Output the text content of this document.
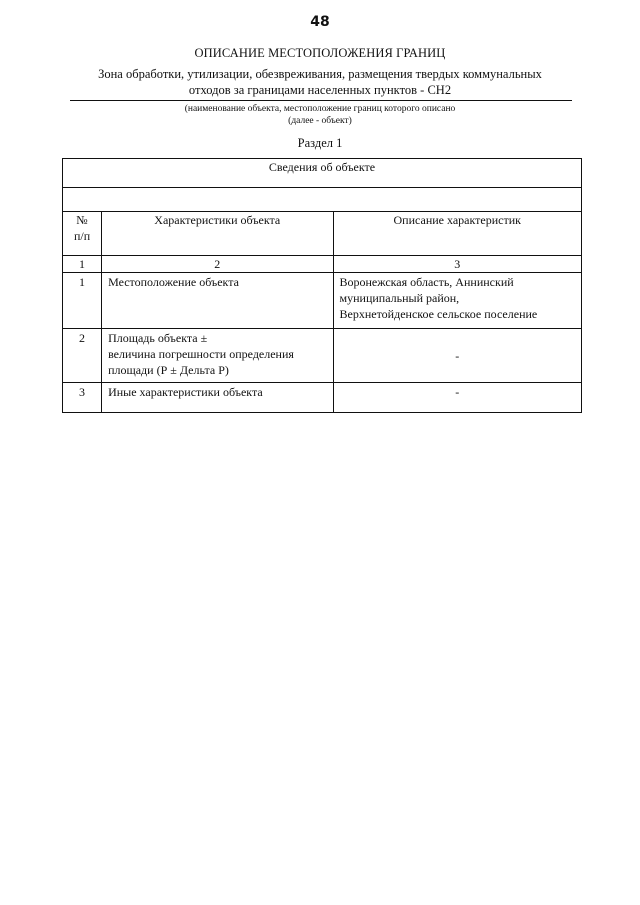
48
ОПИСАНИЕ МЕСТОПОЛОЖЕНИЯ ГРАНИЦ
Зона обработки, утилизации, обезвреживания, размещения твердых коммунальных
отходов за границами населенных пунктов - СН2
(наименование объекта, местоположение границ которого описано
(далее - объект)
Раздел 1
Сведения об объекте		

№
п/п	Характеристики объекта	Описание характеристик
1	2	3
1	Местоположение объекта	Воронежская область, Аннинский
муниципальный район,
Верхнетойденское сельское поселение

2	Площадь объекта ±
величина погрешности определения
площади (Р ± Дельта Р)	-
3	Иные характеристики объекта	-
